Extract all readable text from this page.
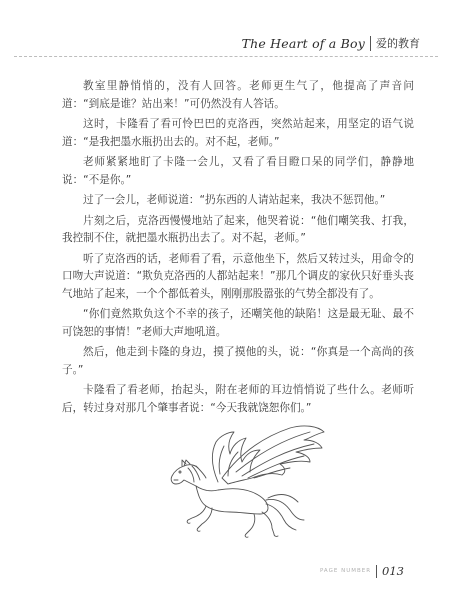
The Heart of a Boy 爱的教育

教室里静悄悄的，没有人回答。老师更生气了，他提高了声音问道：“到底是谁？站出来！”可仍然没有人答话。

这时，卡隆看了看可怜巴巴的克洛西，突然站起来，用坚定的语气说道：“是我把墨水瓶扔出去的。对不起，老师。”

老师紧紧地盯了卡隆一会儿，又看了看目瞪口呆的同学们，静静地说：“不是你。”

过了一会儿，老师说道：“扔东西的人请站起来，我决不惩罚他。”

片刻之后，克洛西慢慢地站了起来，他哭着说：“他们嘲笑我、打我，我控制不住，就把墨水瓶扔出去了。对不起，老师。”

听了克洛西的话，老师看了看，示意他坐下，然后又转过头，用命令的口吻大声说道：“欺负克洛西的人都站起来！”那几个调皮的家伙只好垂头丧气地站了起来，一个个都低着头，刚刚那股嚣张的气势全都没有了。

“你们竟然欺负这个不幸的孩子，还嘲笑他的缺陷！这是最无耻、最不可饶恕的事情！”老师大声地吼道。

然后，他走到卡隆的身边，摸了摸他的头，说：“你真是一个高尚的孩子。”

卡隆看了看老师，抬起头，附在老师的耳边悄悄说了些什么。老师听后，转过身对那几个肇事者说：“今天我就饶恕你们。”

PAGE NUMBER 013
